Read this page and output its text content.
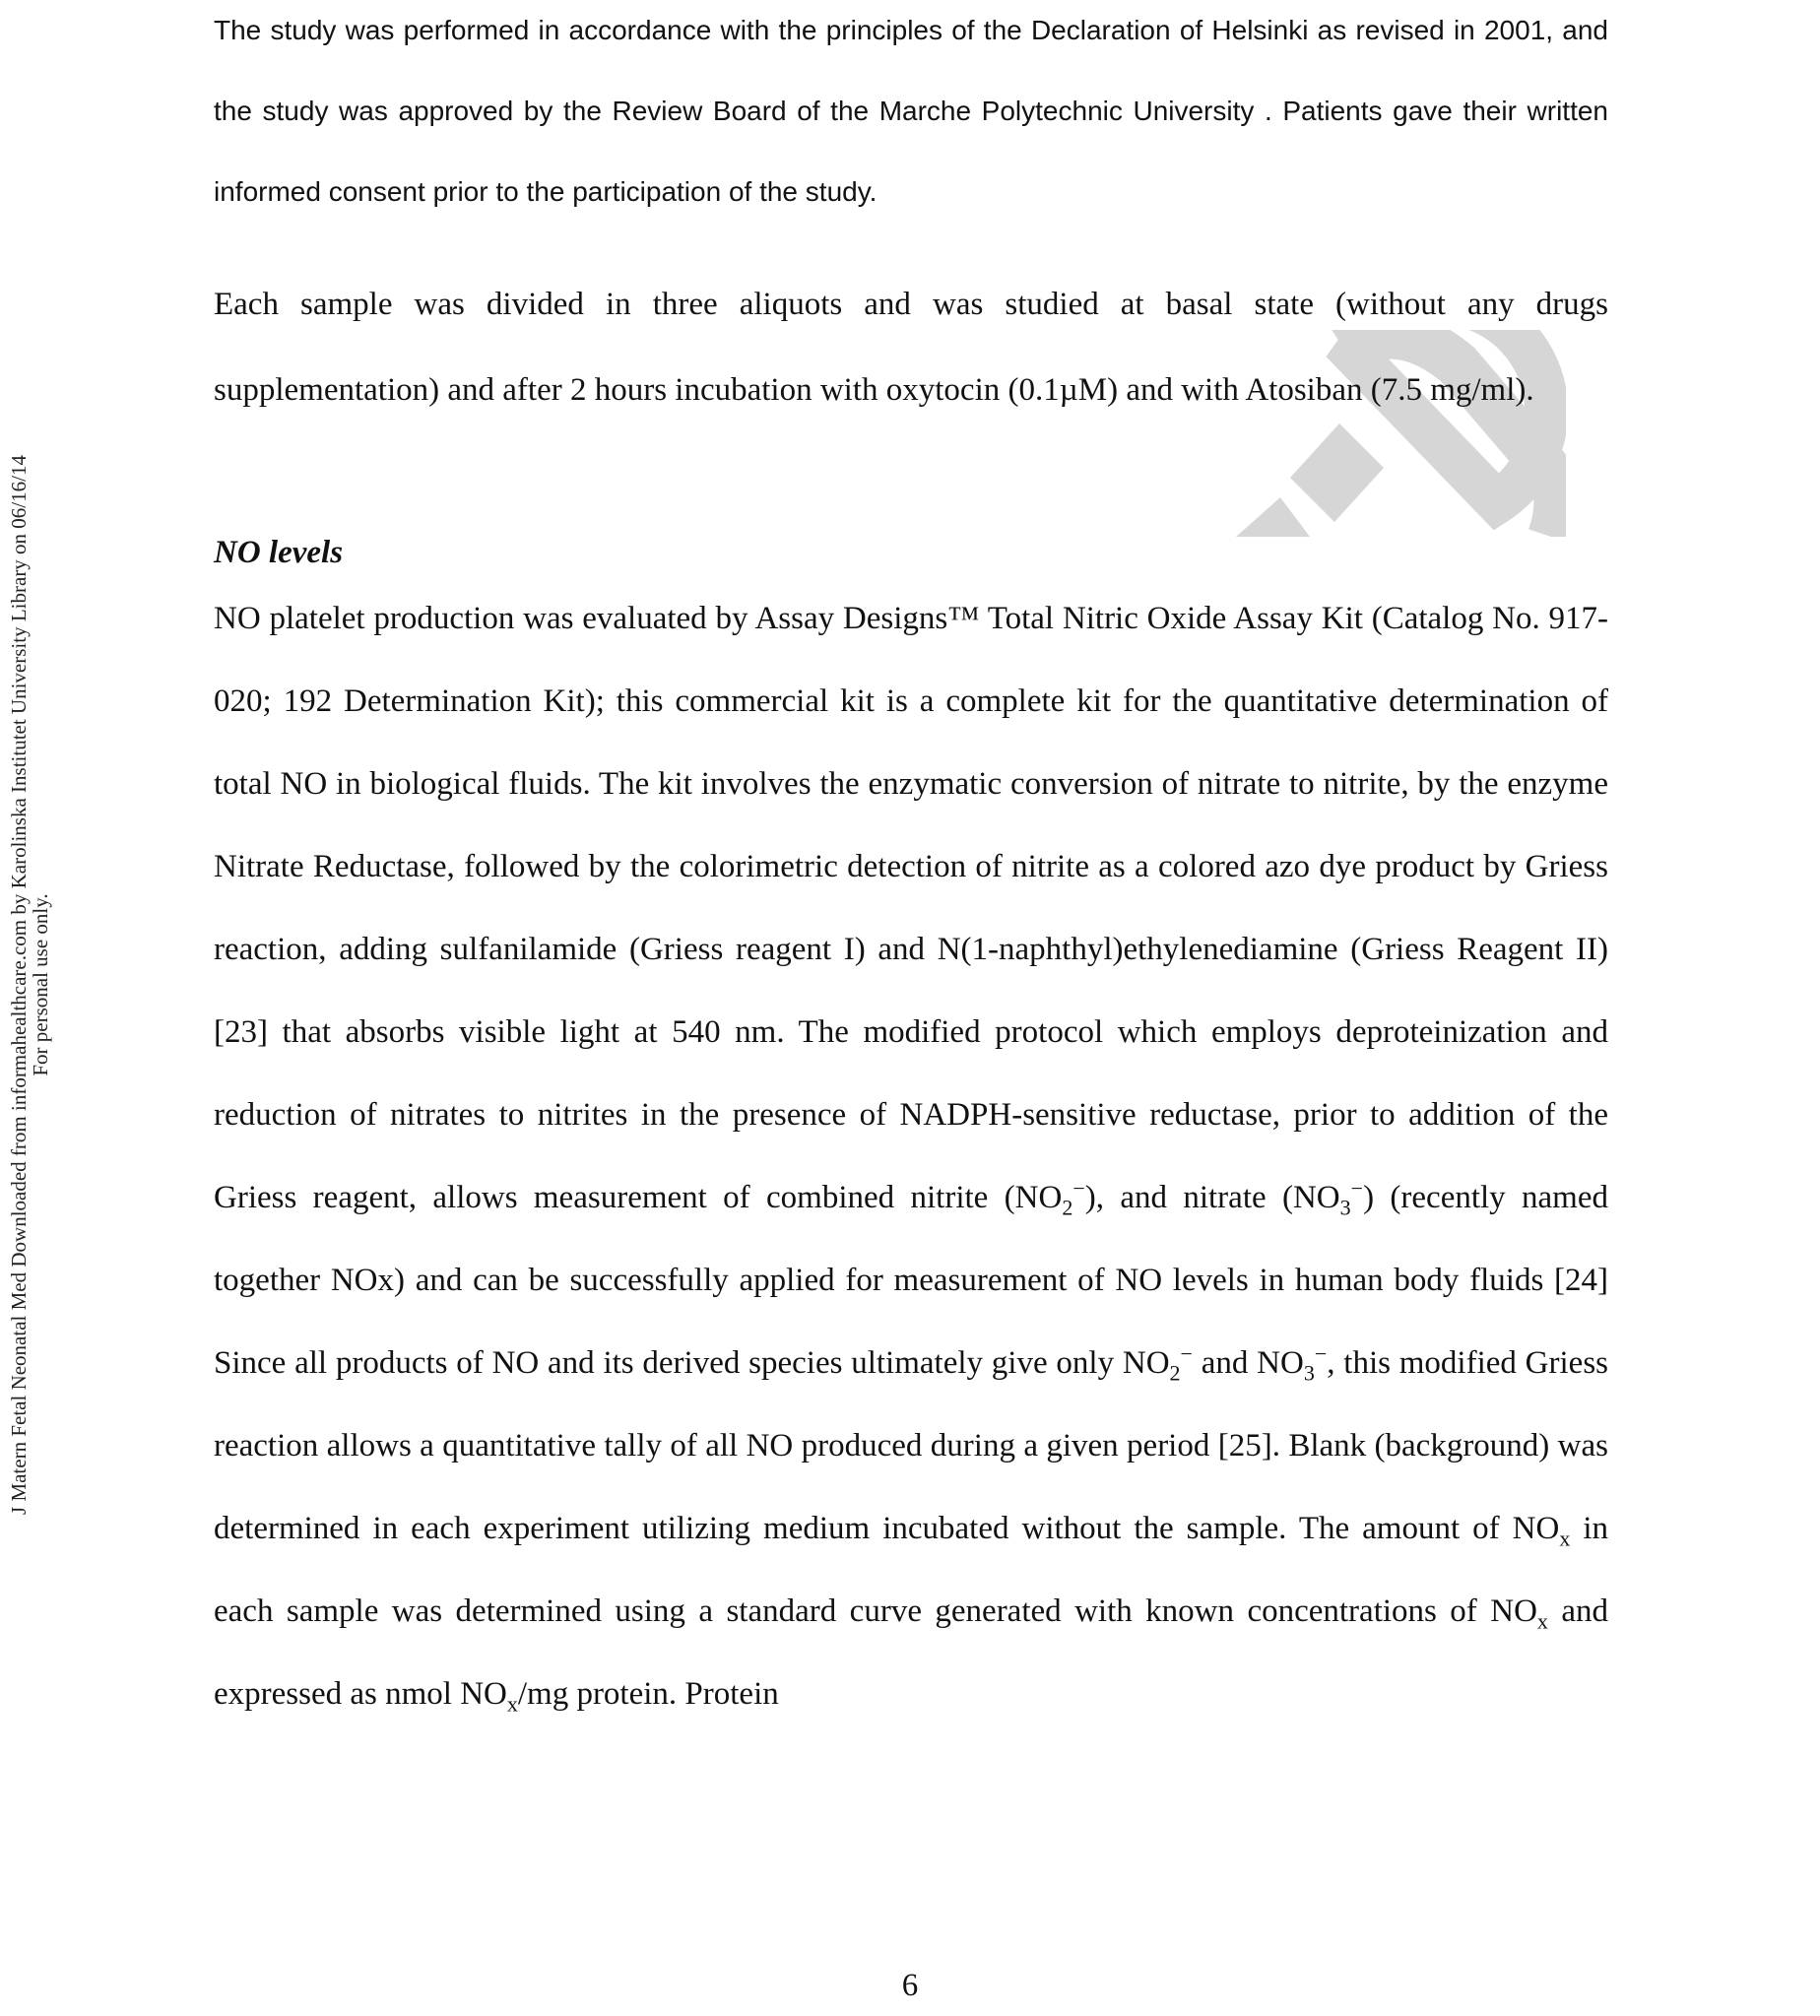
J Matern Fetal Neonatal Med Downloaded from informahealthcare.com by Karolinska Institutet University Library on 06/16/14
For personal use only.

The study was performed in accordance with the principles of the Declaration of Helsinki as revised in 2001, and the study was approved by the Review Board of the Marche Polytechnic University . Patients gave their written informed consent prior to the participation of the study.

Each sample was divided in three aliquots and was studied at basal state (without any drugs supplementation) and after 2 hours incubation with oxytocin (0.1µM) and with Atosiban (7.5 mg/ml).

NO levels

NO platelet production was evaluated by Assay Designs™ Total Nitric Oxide Assay Kit (Catalog No. 917-020; 192 Determination Kit); this commercial kit is a complete kit for the quantitative determination of total NO in biological fluids. The kit involves the enzymatic conversion of nitrate to nitrite, by the enzyme Nitrate Reductase, followed by the colorimetric detection of nitrite as a colored azo dye product by Griess reaction, adding sulfanilamide (Griess reagent I) and N(1-naphthyl)ethylenediamine (Griess Reagent II) [23] that absorbs visible light at 540 nm. The modified protocol which employs deproteinization and reduction of nitrates to nitrites in the presence of NADPH-sensitive reductase, prior to addition of the Griess reagent, allows measurement of combined nitrite $(NO_2^-)$, and nitrate $(NO_3^-)$ (recently named together NOx) and can be successfully applied for measurement of NO levels in human body fluids [24] Since all products of NO and its derived species ultimately give only $NO_2^-$ and $NO_3^-$, this modified Griess reaction allows a quantitative tally of all NO produced during a given period [25]. Blank (background) was determined in each experiment utilizing medium incubated without the sample. The amount of $NO_x$ in each sample was determined using a standard curve generated with known concentrations of $NO_x$ and expressed as nmol $NO_x/mg$ protein. Protein

6
